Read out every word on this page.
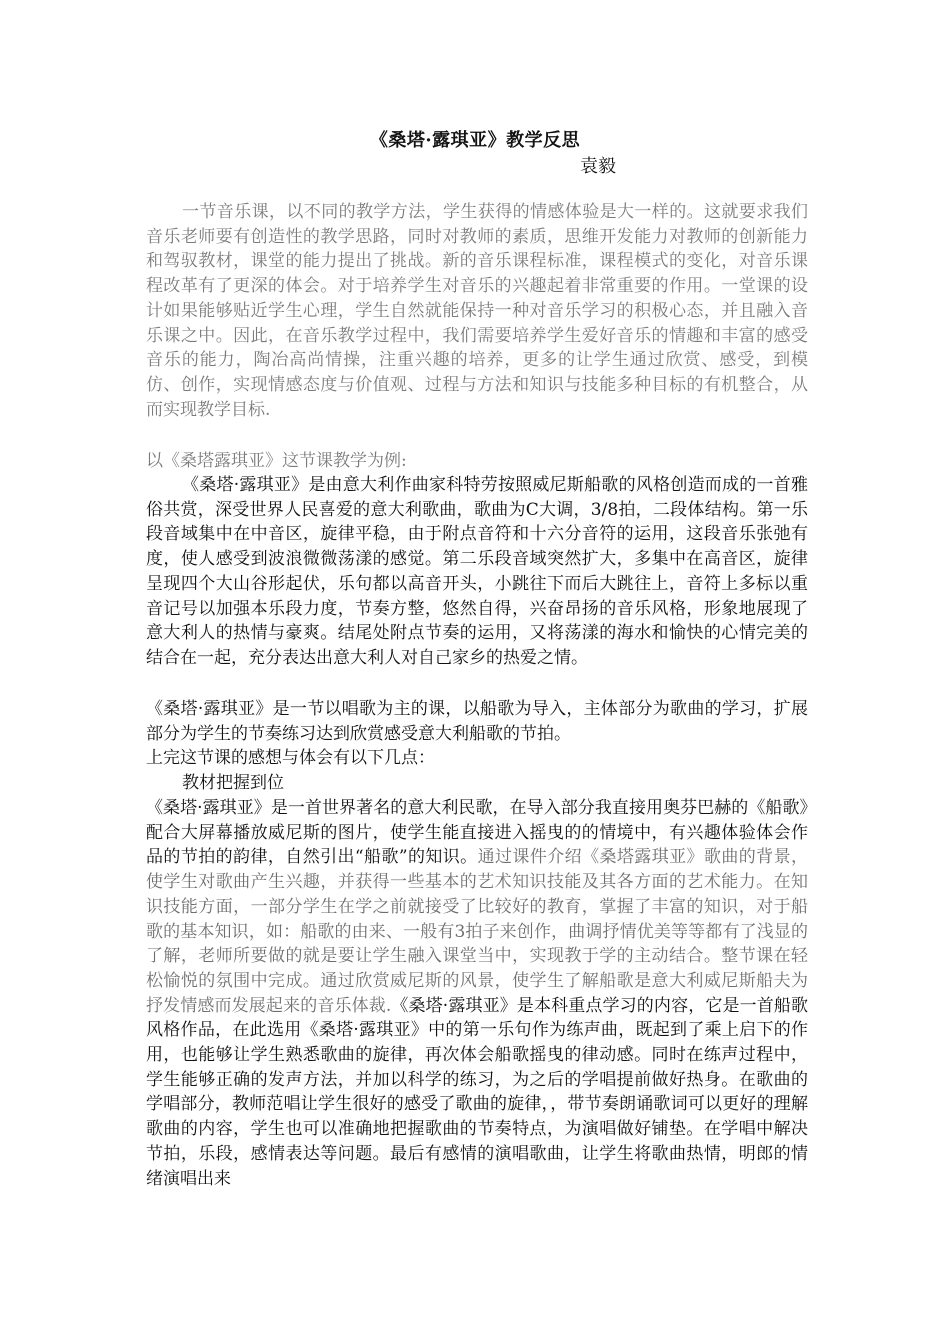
《桑塔·露琪亚》教学反思
袁毅
一节音乐课，以不同的教学方法，学生获得的情感体验是大一样的。这就要求我们音乐老师要有创造性的教学思路，同时对教师的素质，思维开发能力对教师的创新能力和驾驭教材，课堂的能力提出了挑战。新的音乐课程标准，课程模式的变化，对音乐课程改革有了更深的体会。对于培养学生对音乐的兴趣起着非常重要的作用。一堂课的设计如果能够贴近学生心理，学生自然就能保持一种对音乐学习的积极心态，并且融入音乐课之中。因此，在音乐教学过程中，我们需要培养学生爱好音乐的情趣和丰富的感受音乐的能力，陶冶高尚情操，注重兴趣的培养，更多的让学生通过欣赏、感受，到模仿、创作，实现情感态度与价值观、过程与方法和知识与技能多种目标的有机整合，从而实现教学目标.
以《桑塔露琪亚》这节课教学为例:
《桑塔·露琪亚》是由意大利作曲家科特劳按照威尼斯船歌的风格创造而成的一首雅俗共赏，深受世界人民喜爱的意大利歌曲，歌曲为C大调，3/8拍，二段体结构。第一乐段音域集中在中音区，旋律平稳，由于附点音符和十六分音符的运用，这段音乐张弛有度，使人感受到波浪微微荡漾的感觉。第二乐段音域突然扩大，多集中在高音区，旋律呈现四个大山谷形起伏，乐句都以高音开头，小跳往下而后大跳往上，音符上多标以重音记号以加强本乐段力度，节奏方整，悠然自得，兴奋昂扬的音乐风格，形象地展现了意大利人的热情与豪爽。结尾处附点节奏的运用，又将荡漾的海水和愉快的心情完美的结合在一起，充分表达出意大利人对自己家乡的热爱之情。
《桑塔·露琪亚》是一节以唱歌为主的课，以船歌为导入，主体部分为歌曲的学习，扩展部分为学生的节奏练习达到欣赏感受意大利船歌的节拍。
上完这节课的感想与体会有以下几点：
教材把握到位
《桑塔·露琪亚》是一首世界著名的意大利民歌，在导入部分我直接用奥芬巴赫的《船歌》配合大屏幕播放威尼斯的图片，使学生能直接进入摇曳的的情境中，有兴趣体验体会作品的节拍的韵律，自然引出“船歌”的知识。通过课件介绍《桑塔露琪亚》歌曲的背景，使学生对歌曲产生兴趣，并获得一些基本的艺术知识技能及其各方面的艺术能力。在知识技能方面，一部分学生在学之前就接受了比较好的教育，掌握了丰富的知识，对于船歌的基本知识，如：船歌的由来、一般有3拍子来创作，曲调抒情优美等等都有了浅显的了解，老师所要做的就是要让学生融入课堂当中，实现教于学的主动结合。整节课在轻松愉悦的氛围中完成。通过欣赏威尼斯的风景，使学生了解船歌是意大利威尼斯船夫为抒发情感而发展起来的音乐体裁.《桑塔·露琪亚》是本科重点学习的内容，它是一首船歌风格作品，在此选用《桑塔·露琪亚》中的第一乐句作为练声曲，既起到了乘上启下的作用，也能够让学生熟悉歌曲的旋律，再次体会船歌摇曳的律动感。同时在练声过程中，学生能够正确的发声方法，并加以科学的练习，为之后的学唱提前做好热身。在歌曲的学唱部分，教师范唱让学生很好的感受了歌曲的旋律，，带节奏朗诵歌词可以更好的理解歌曲的内容，学生也可以准确地把握歌曲的节奏特点，为演唱做好铺垫。在学唱中解决节拍，乐段，感情表达等问题。最后有感情的演唱歌曲，让学生将歌曲热情，明郎的情绪演唱出来
